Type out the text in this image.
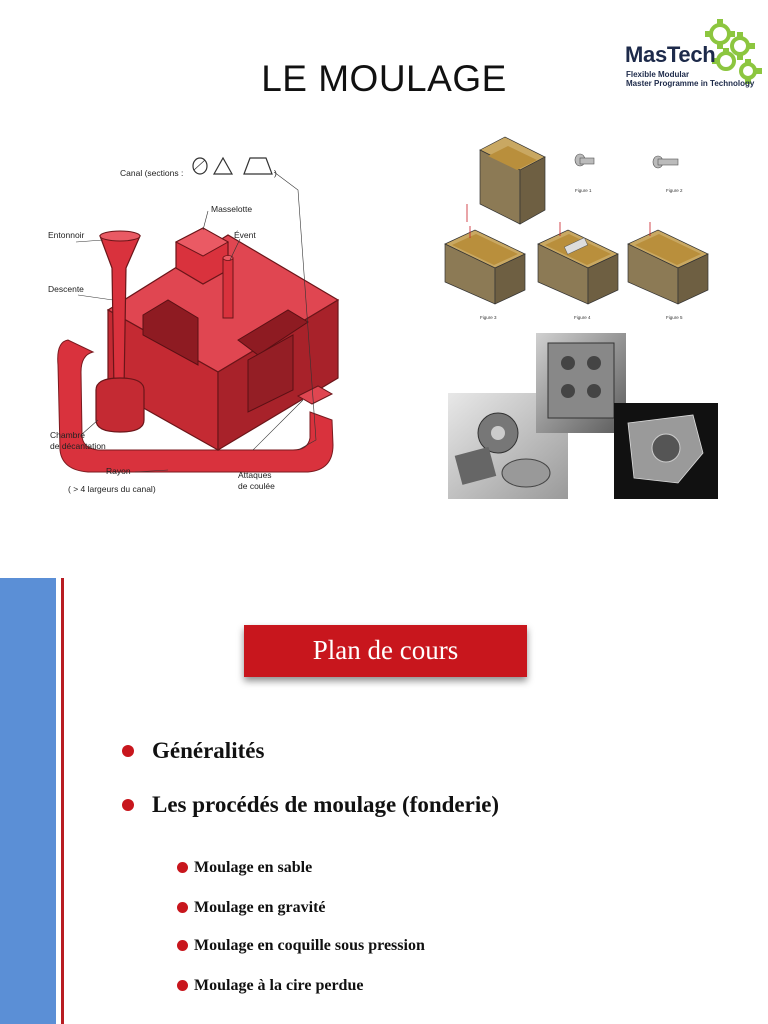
LE MOULAGE
MasTech
Flexible Modular
Master Programme in Technology
Canal (sections :	)
Masselotte
Évent
Entonnoir
Descente
Chambre
de décantation
Rayon
( > 4 largeurs du canal)
Attaques
de coulée
Figure 1	Figure 2
Figure 3	Figure 4	Figure 5
Plan de cours
Généralités
Les procédés de moulage (fonderie)
Moulage en sable
Moulage en gravité
Moulage en coquille sous pression
Moulage à la cire perdue
